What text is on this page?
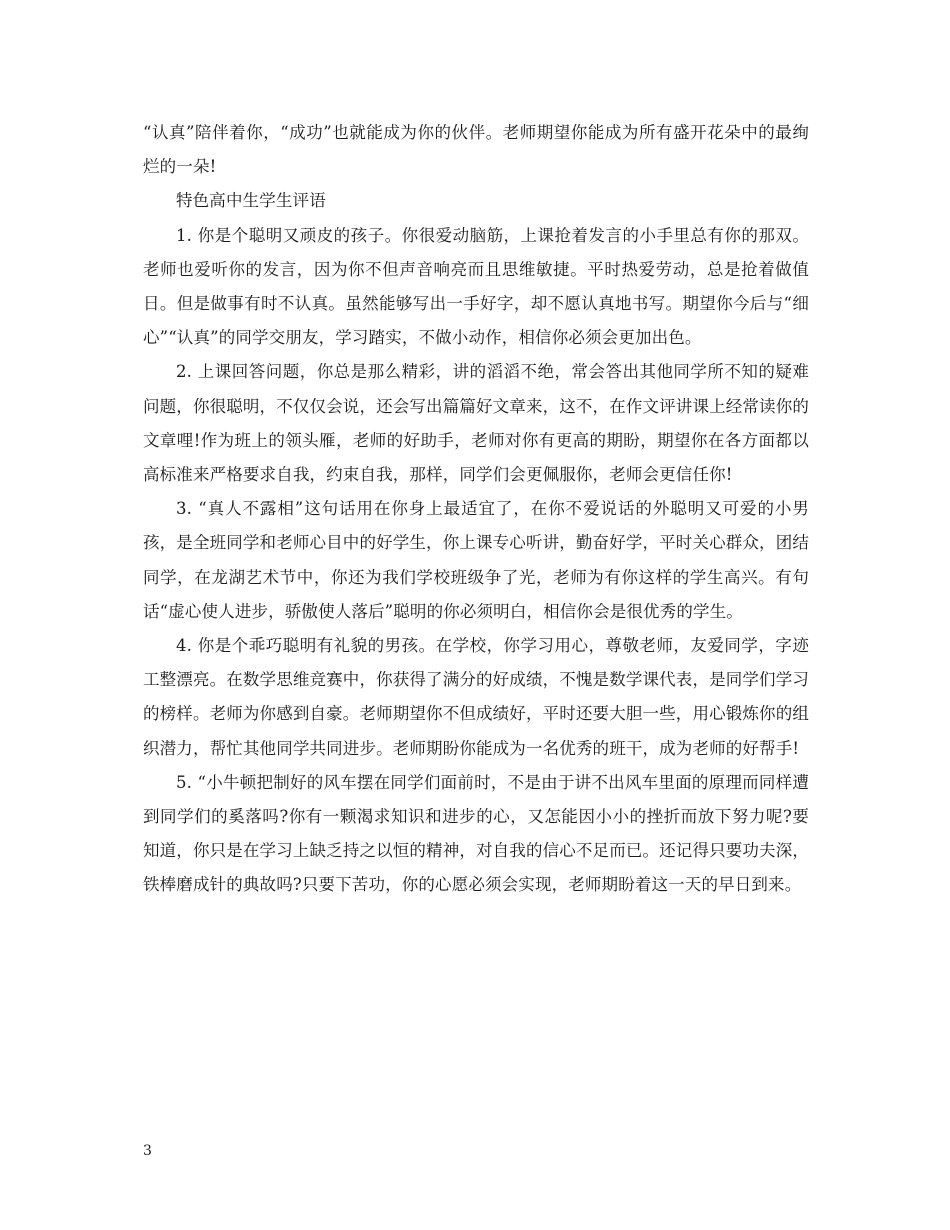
“认真”陪伴着你，“成功”也就能成为你的伙伴。老师期望你能成为所有盛开花朵中的最绚烂的一朵!

特色高中生学生评语

1. 你是个聪明又顽皮的孩子。你很爱动脑筋，上课抢着发言的小手里总有你的那双。老师也爱听你的发言，因为你不但声音响亮而且思维敏捷。平时热爱劳动，总是抢着做值日。但是做事有时不认真。虽然能够写出一手好字，却不愿认真地书写。期望你今后与“细心”“认真”的同学交朋友，学习踏实，不做小动作，相信你必须会更加出色。

2. 上课回答问题，你总是那么精彩，讲的滔滔不绝，常会答出其他同学所不知的疑难问题，你很聪明，不仅仅会说，还会写出篇篇好文章来，这不，在作文评讲课上经常读你的文章哩!作为班上的领头雁，老师的好助手，老师对你有更高的期盼，期望你在各方面都以高标准来严格要求自我，约束自我，那样，同学们会更佩服你，老师会更信任你!

3. “真人不露相”这句话用在你身上最适宜了，在你不爱说话的外聪明又可爱的小男孩，是全班同学和老师心目中的好学生，你上课专心听讲，勤奋好学，平时关心群众，团结同学，在龙湖艺术节中，你还为我们学校班级争了光，老师为有你这样的学生高兴。有句话“虚心使人进步，骄傲使人落后”聪明的你必须明白，相信你会是很优秀的学生。

4. 你是个乖巧聪明有礼貌的男孩。在学校，你学习用心，尊敬老师，友爱同学，字迹工整漂亮。在数学思维竞赛中，你获得了满分的好成绩，不愧是数学课代表，是同学们学习的榜样。老师为你感到自豪。老师期望你不但成绩好，平时还要大胆一些，用心锻炼你的组织潜力，帮忙其他同学共同进步。老师期盼你能成为一名优秀的班干，成为老师的好帮手!

5. “小牛顿把制好的风车摆在同学们面前时，不是由于讲不出风车里面的原理而同样遭到同学们的奚落吗?你有一颗渴求知识和进步的心，又怎能因小小的挫折而放下努力呢?要知道，你只是在学习上缺乏持之以恒的精神，对自我的信心不足而已。还记得只要功夫深，铁棒磨成针的典故吗?只要下苦功，你的心愿必须会实现，老师期盼着这一天的早日到来。

3
